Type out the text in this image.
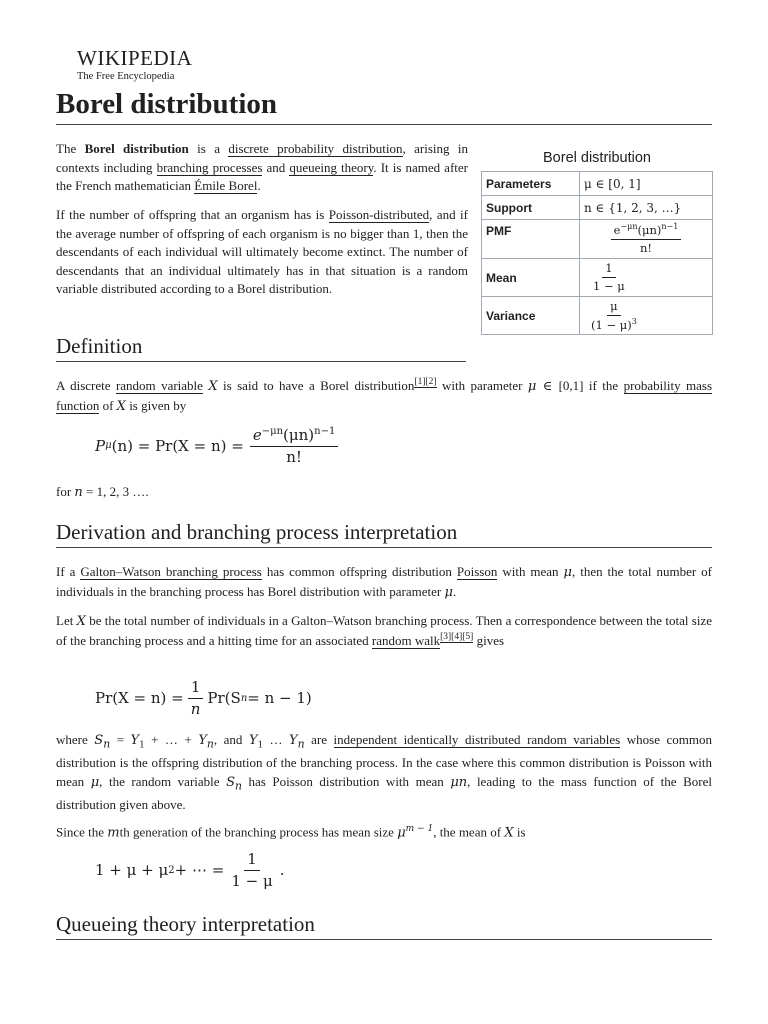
WIKIPEDIA
The Free Encyclopedia
Borel distribution

The Borel distribution is a discrete probability distribution, arising in contexts including branching processes and queueing theory. It is named after the French mathematician Émile Borel.

If the number of offspring that an organism has is Poisson-distributed, and if the average number of offspring of each organism is no bigger than 1, then the descendants of each individual will ultimately become extinct. The number of descendants that an individual ultimately has in that situation is a random variable distributed according to a Borel distribution.

Borel distribution
Parameters	μ ∈ [0, 1]
Support	n ∈ {1, 2, 3, …}
PMF	$\frac{e^{-\mu n}(\mu n)^{n-1}}{n!}$

Mean	$\frac{1}{1 - \mu}$

Variance	$\frac{\mu}{(1 - \mu)^3}$
Definition

A discrete random variable X is said to have a Borel distribution[1][2] with parameter μ ∈ [0,1] if the probability mass function of X is given by

P μ $(n) = Pr(X = n) = \frac{e^{-\mu n}(\mu n)^{n-1}}{n!}$

for n = 1, 2, 3 ….

Derivation and branching process interpretation

If a Galton–Watson branching process has common offspring distribution Poisson with mean μ, then the total number of individuals in the branching process has Borel distribution with parameter μ.

Let X be the total number of individuals in a Galton–Watson branching process. Then a correspondence between the total size of the branching process and a hitting time for an associated random walk[3][4][5] gives

$Pr(X = n) = \frac{1}{n} Pr(S$ n = n − 1)

where $S_n = Y_1$ + … + $Y_n$, and $Y_1$ … $Y_n$ are independent identically distributed random variables whose common distribution is the offspring distribution of the branching process. In the case where this common distribution is Poisson with mean μ, the random variable $S_n$ has Poisson distribution with mean μn, leading to the mass function of the Borel distribution given above.

Since the mth generation of the branching process has mean size $\mu^{m - 1}$, the mean of X is

1 + μ + μ 2 + ⋯ = $\frac{1}{1 - \mu}$ .
Queueing theory interpretation
